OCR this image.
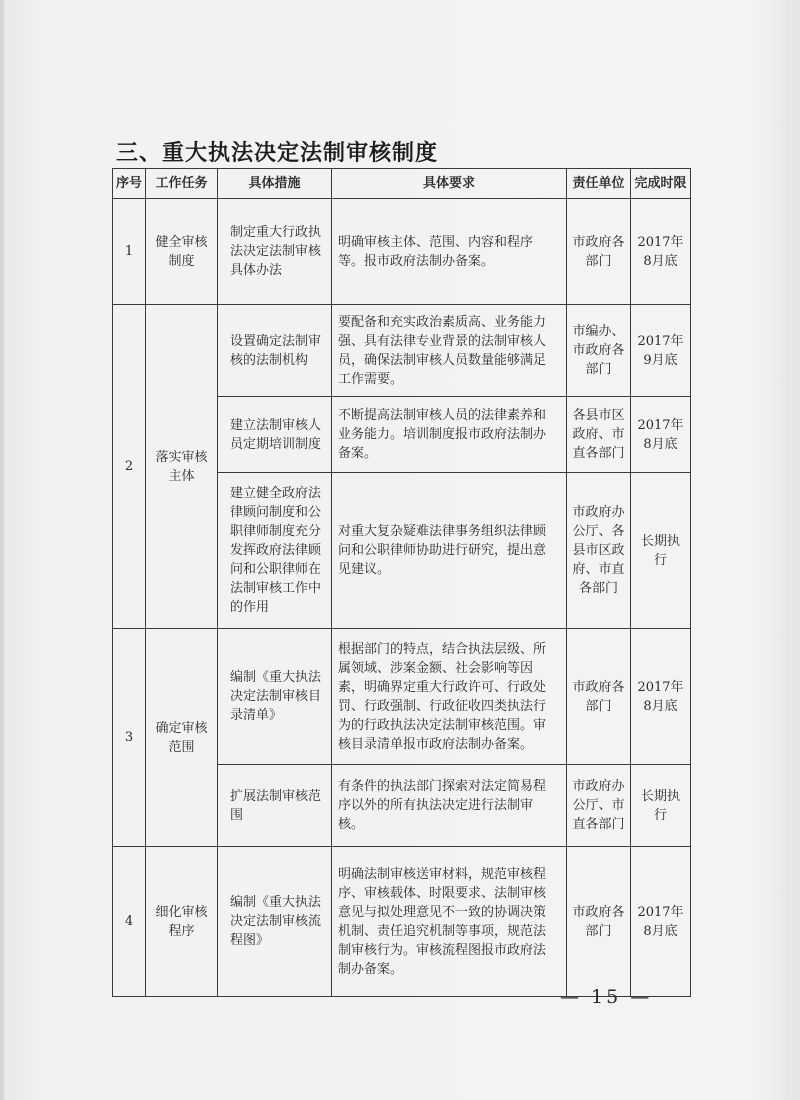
三、重大执法决定法制审核制度
序号	工作任务	具体措施	具体要求	责任单位	完成时限
1	健全审核制度	制定重大行政执法决定法制审核具体办法	明确审核主体、范围、内容和程序等。报市政府法制办备案。	市政府各部门	2017年8月底
2	落实审核主体	设置确定法制审核的法制机构	要配备和充实政治素质高、业务能力强、具有法律专业背景的法制审核人员，确保法制审核人员数量能够满足工作需要。	市编办、市政府各部门	2017年9月底
		建立法制审核人员定期培训制度	不断提高法制审核人员的法律素养和业务能力。培训制度报市政府法制办备案。	各县市区政府、市直各部门	2017年8月底
		建立健全政府法律顾问制度和公职律师制度充分发挥政府法律顾问和公职律师在法制审核工作中的作用	对重大复杂疑难法律事务组织法律顾问和公职律师协助进行研究，提出意见建议。	市政府办公厅、各县市区政府、市直各部门	长期执行
3	确定审核范围	编制《重大执法决定法制审核目录清单》	根据部门的特点，结合执法层级、所属领域、涉案金额、社会影响等因素，明确界定重大行政许可、行政处罚、行政强制、行政征收四类执法行为的行政执法决定法制审核范围。审核目录清单报市政府法制办备案。	市政府各部门	2017年8月底
		扩展法制审核范围	有条件的执法部门探索对法定简易程序以外的所有执法决定进行法制审核。	市政府办公厅、市直各部门	长期执行
4	细化审核程序	编制《重大执法决定法制审核流程图》	明确法制审核送审材料，规范审核程序、审核载体、时限要求、法制审核意见与拟处理意见不一致的协调决策机制、责任追究机制等事项，规范法制审核行为。审核流程图报市政府法制办备案。	市政府各部门	2017年8月底
— 15 —
